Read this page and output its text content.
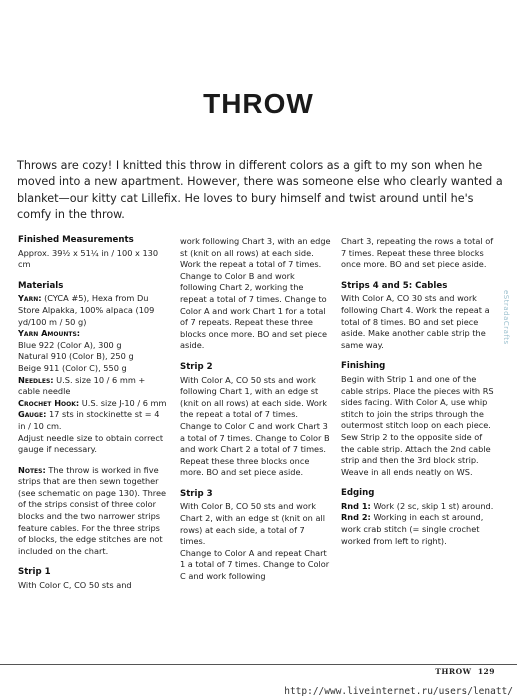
THROW

Throws are cozy! I knitted this throw in different colors as a gift to my son when he moved into a new apartment. However, there was someone else who clearly wanted a blanket—our kitty cat Lillefix. He loves to bury himself and twist around until he's comfy in the throw.

Finished Measurements

Approx. 39½ x 51¼ in / 100 x 130 cm

Materials

Yarn: (CYCA #5), Hexa from Du Store Alpakka, 100% alpaca (109 yd/100 m / 50 g)

Yarn Amounts:

Blue 922 (Color A), 300 g

Natural 910 (Color B), 250 g

Beige 911 (Color C), 550 g

Needles: U.S. size 10 / 6 mm + cable needle

Crochet Hook: U.S. size J-10 / 6 mm

Gauge: 17 sts in stockinette st = 4 in / 10 cm.

Adjust needle size to obtain correct gauge if necessary.

Notes: The throw is worked in five strips that are then sewn together (see schematic on page 130). Three of the strips consist of three color blocks and the two narrower strips feature cables. For the three strips of blocks, the edge stitches are not included on the chart.

Strip 1

With Color C, CO 50 sts and

work following Chart 3, with an edge st (knit on all rows) at each side. Work the repeat a total of 7 times.

Change to Color B and work following Chart 2, working the repeat a total of 7 times. Change to Color A and work Chart 1 for a total of 7 repeats. Repeat these three blocks once more. BO and set piece aside.

Strip 2

With Color A, CO 50 sts and work following Chart 1, with an edge st (knit on all rows) at each side. Work the repeat a total of 7 times.

Change to Color C and work Chart 3 a total of 7 times. Change to Color B and work Chart 2 a total of 7 times. Repeat these three blocks once more. BO and set piece aside.

Strip 3

With Color B, CO 50 sts and work Chart 2, with an edge st (knit on all rows) at each side, a total of 7 times.

Change to Color A and repeat Chart 1 a total of 7 times. Change to Color C and work following

Chart 3, repeating the rows a total of 7 times. Repeat these three blocks once more. BO and set piece aside.

Strips 4 and 5: Cables

With Color A, CO 30 sts and work following Chart 4. Work the repeat a total of 8 times. BO and set piece aside. Make another cable strip the same way.

Finishing

Begin with Strip 1 and one of the cable strips. Place the pieces with RS sides facing. With Color A, use whip stitch to join the strips through the outermost stitch loop on each piece. Sew Strip 2 to the opposite side of the cable strip. Attach the 2nd cable strip and then the 3rd block strip. Weave in all ends neatly on WS.

Edging

Rnd 1: Work (2 sc, skip 1 st) around.

Rnd 2: Working in each st around, work crab stitch (= single crochet worked from left to right).

eStradaCrafts
THROW 129
http://www.liveinternet.ru/users/lenatt/
